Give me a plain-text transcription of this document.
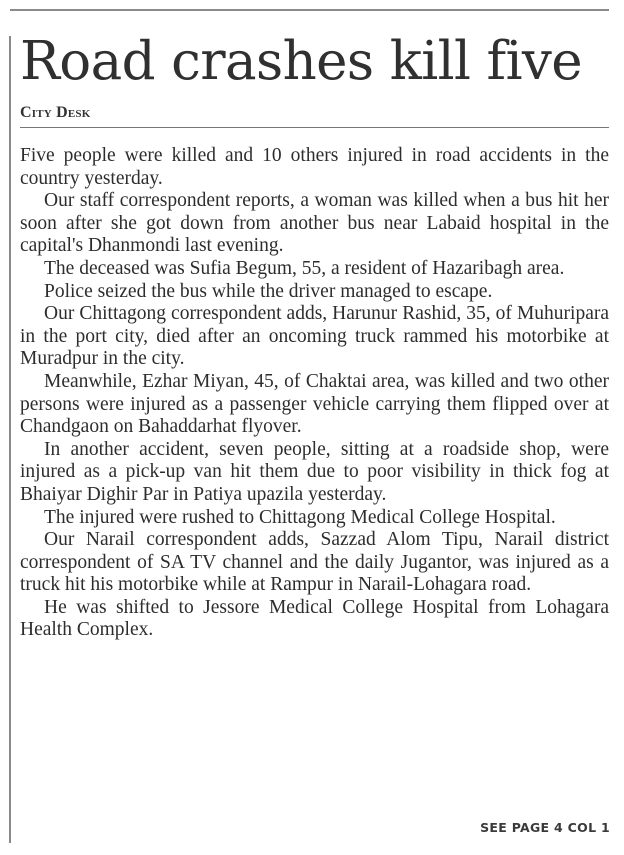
Road crashes kill five
City Desk

Five people were killed and 10 others injured in road accidents in the country yesterday.

Our staff correspondent reports, a woman was killed when a bus hit her soon after she got down from another bus near Labaid hospital in the capital's Dhanmondi last evening.

The deceased was Sufia Begum, 55, a resident of Hazaribagh area.

Police seized the bus while the driver managed to escape.

Our Chittagong correspondent adds, Harunur Rashid, 35, of Muhuripara in the port city, died after an oncoming truck rammed his motorbike at Muradpur in the city.

Meanwhile, Ezhar Miyan, 45, of Chaktai area, was killed and two other persons were injured as a passenger vehicle carrying them flipped over at Chandgaon on Bahaddarhat flyover.

In another accident, seven people, sitting at a roadside shop, were injured as a pick-up van hit them due to poor visibility in thick fog at Bhaiyar Dighir Par in Patiya upazila yesterday.

The injured were rushed to Chittagong Medical College Hospital.

Our Narail correspondent adds, Sazzad Alom Tipu, Narail district correspondent of SA TV channel and the daily Jugantor, was injured as a truck hit his motorbike while at Rampur in Narail-Lohagara road.

He was shifted to Jessore Medical College Hospital from Lohagara Health Complex.

SEE PAGE 4 COL 1
